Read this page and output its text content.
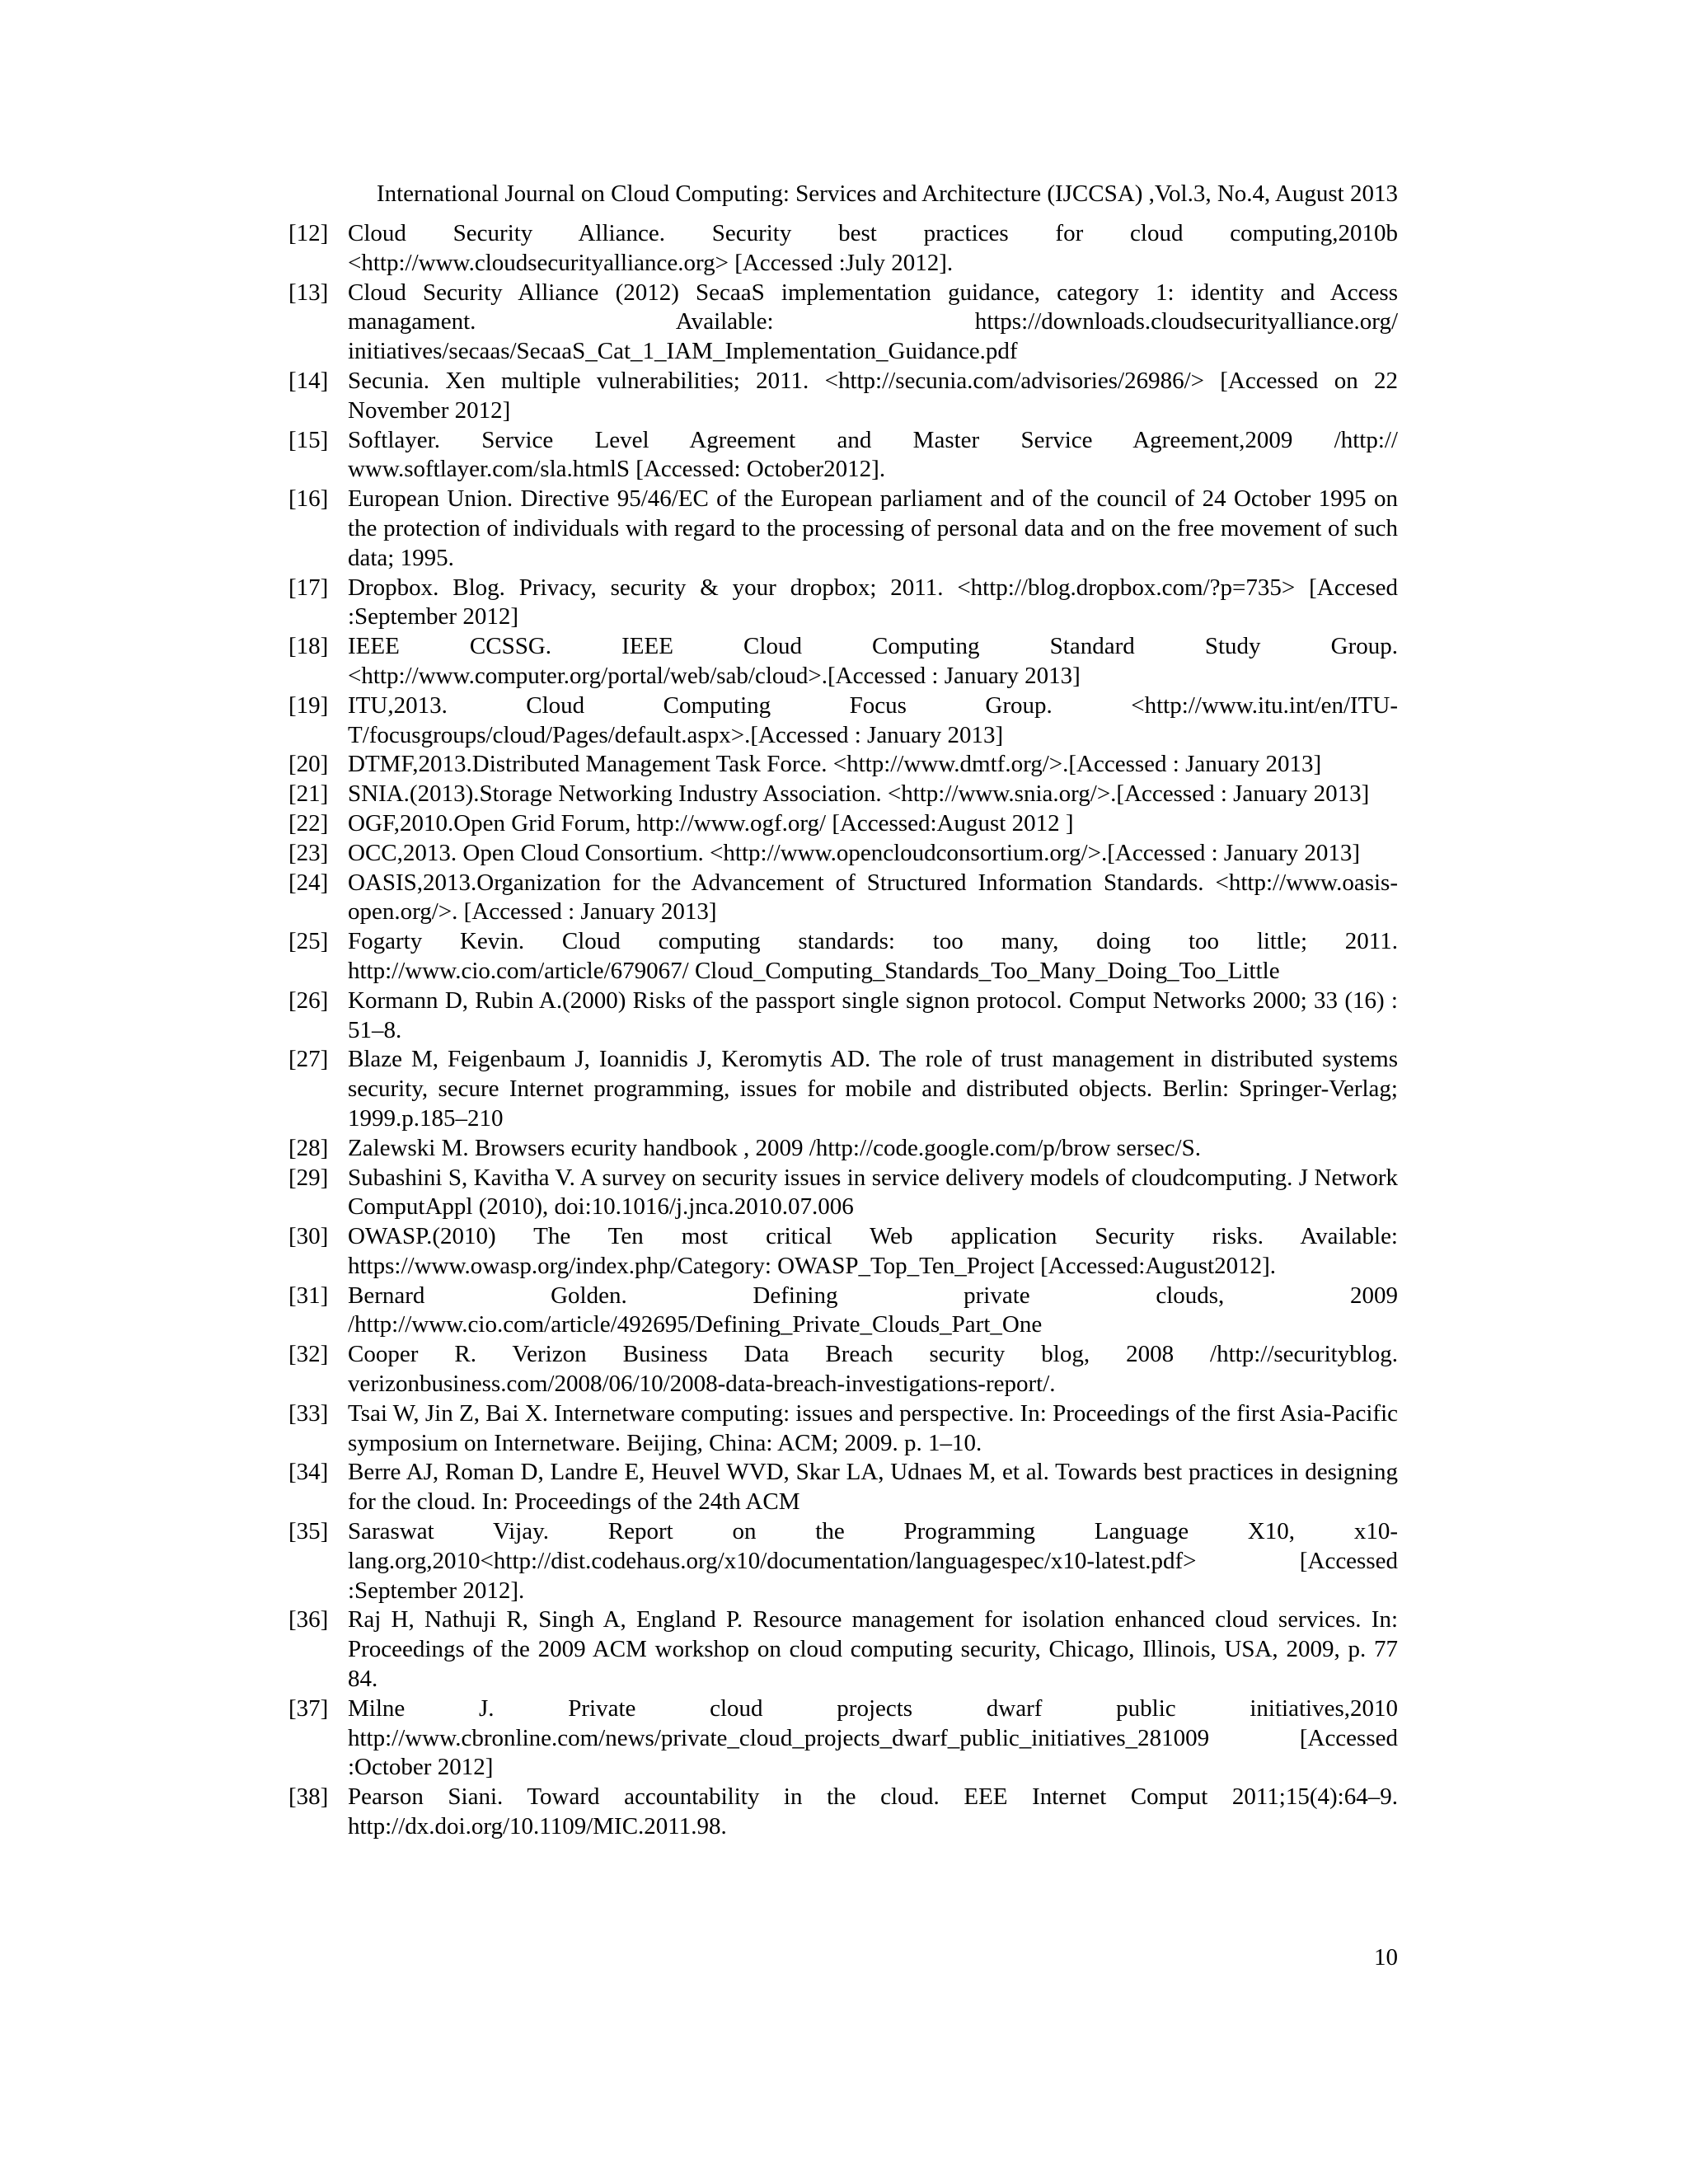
International Journal on Cloud Computing: Services and Architecture (IJCCSA) ,Vol.3, No.4, August 2013
[12] Cloud Security Alliance. Security best practices for cloud computing,2010b <http://www.cloudsecurityalliance.org> [Accessed :July 2012].
[13] Cloud Security Alliance (2012) SecaaS implementation guidance, category 1: identity and Access managament. Available: https://downloads.cloudsecurityalliance.org/ initiatives/secaas/SecaaS_Cat_1_IAM_Implementation_Guidance.pdf
[14] Secunia. Xen multiple vulnerabilities; 2011. <http://secunia.com/advisories/26986/> [Accessed on 22 November 2012]
[15] Softlayer. Service Level Agreement and Master Service Agreement,2009 /http:// www.softlayer.com/sla.htmlS [Accessed: October2012].
[16] European Union. Directive 95/46/EC of the European parliament and of the council of 24 October 1995 on the protection of individuals with regard to the processing of personal data and on the free movement of such data; 1995.
[17] Dropbox. Blog. Privacy, security & your dropbox; 2011. <http://blog.dropbox.com/?p=735> [Accesed :September 2012]
[18] IEEE CCSSG. IEEE Cloud Computing Standard Study Group. <http://www.computer.org/portal/web/sab/cloud>.[Accessed : January 2013]
[19] ITU,2013. Cloud Computing Focus Group. <http://www.itu.int/en/ITU-T/focusgroups/cloud/Pages/default.aspx>.[Accessed : January 2013]
[20] DTMF,2013.Distributed Management Task Force. <http://www.dmtf.org/>.[Accessed : January 2013]
[21] SNIA.(2013).Storage Networking Industry Association. <http://www.snia.org/>.[Accessed : January 2013]
[22] OGF,2010.Open Grid Forum, http://www.ogf.org/ [Accessed:August 2012 ]
[23] OCC,2013. Open Cloud Consortium. <http://www.opencloudconsortium.org/>.[Accessed : January 2013]
[24] OASIS,2013.Organization for the Advancement of Structured Information Standards. <http://www.oasis-open.org/>. [Accessed : January 2013]
[25] Fogarty Kevin. Cloud computing standards: too many, doing too little; 2011. http://www.cio.com/article/679067/ Cloud_Computing_Standards_Too_Many_Doing_Too_Little
[26] Kormann D, Rubin A.(2000) Risks of the passport single signon protocol. Comput Networks 2000; 33 (16) : 51–8.
[27] Blaze M, Feigenbaum J, Ioannidis J, Keromytis AD. The role of trust management in distributed systems security, secure Internet programming, issues for mobile and distributed objects. Berlin: Springer-Verlag; 1999.p.185–210
[28] Zalewski M. Browsers ecurity handbook , 2009 /http://code.google.com/p/brow sersec/S.
[29] Subashini S, Kavitha V. A survey on security issues in service delivery models of cloudcomputing. J Network ComputAppl (2010), doi:10.1016/j.jnca.2010.07.006
[30] OWASP.(2010) The Ten most critical Web application Security risks. Available: https://www.owasp.org/index.php/Category: OWASP_Top_Ten_Project [Accessed:August2012].
[31] Bernard Golden. Defining private clouds, 2009 /http://www.cio.com/article/492695/Defining_Private_Clouds_Part_One
[32] Cooper R. Verizon Business Data Breach security blog, 2008 /http://securityblog. verizonbusiness.com/2008/06/10/2008-data-breach-investigations-report/.
[33] Tsai W, Jin Z, Bai X. Internetware computing: issues and perspective. In: Proceedings of the first Asia-Pacific symposium on Internetware. Beijing, China: ACM; 2009. p. 1–10.
[34] Berre AJ, Roman D, Landre E, Heuvel WVD, Skar LA, Udnaes M, et al. Towards best practices in designing for the cloud. In: Proceedings of the 24th ACM
[35] Saraswat Vijay. Report on the Programming Language X10, x10-lang.org,2010<http://dist.codehaus.org/x10/documentation/languagespec/x10-latest.pdf> [Accessed :September 2012].
[36] Raj H, Nathuji R, Singh A, England P. Resource management for isolation enhanced cloud services. In: Proceedings of the 2009 ACM workshop on cloud computing security, Chicago, Illinois, USA, 2009, p. 77 84.
[37] Milne J. Private cloud projects dwarf public initiatives,2010 http://www.cbronline.com/news/private_cloud_projects_dwarf_public_initiatives_281009 [Accessed :October 2012]
[38] Pearson Siani. Toward accountability in the cloud. EEE Internet Comput 2011;15(4):64–9. http://dx.doi.org/10.1109/MIC.2011.98.
10
